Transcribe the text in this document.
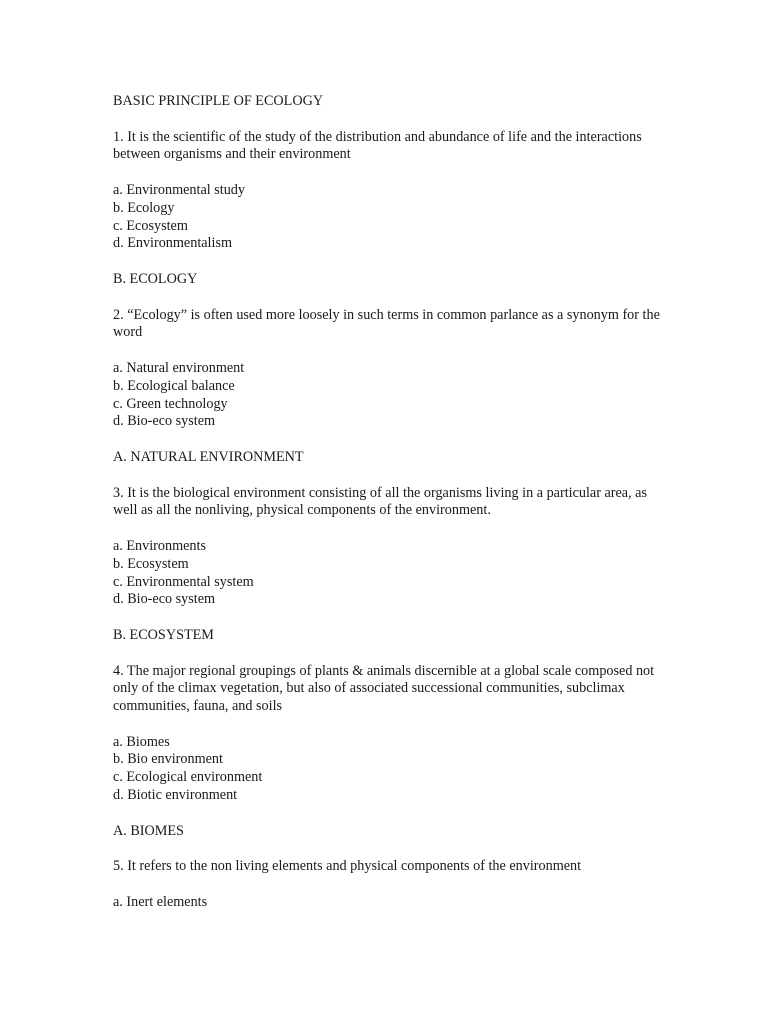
BASIC PRINCIPLE OF ECOLOGY

1. It is the scientific of the study of the distribution and abundance of life and the interactions between organisms and their environment

a. Environmental study
b. Ecology
c. Ecosystem
d. Environmentalism

B. ECOLOGY

2. “Ecology” is often used more loosely in such terms in common parlance as a synonym for the word

a. Natural environment
b. Ecological balance
c. Green technology
d. Bio-eco system

A. NATURAL ENVIRONMENT

3. It is the biological environment consisting of all the organisms living in a particular area, as well as all the nonliving, physical components of the environment.

a. Environments
b. Ecosystem
c. Environmental system
d. Bio-eco system

B. ECOSYSTEM

4. The major regional groupings of plants & animals discernible at a global scale composed not only of the climax vegetation, but also of associated successional communities, subclimax communities, fauna, and soils

a. Biomes
b. Bio environment
c. Ecological environment
d. Biotic environment

A. BIOMES

5. It refers to the non living elements and physical components of the environment

a. Inert elements
